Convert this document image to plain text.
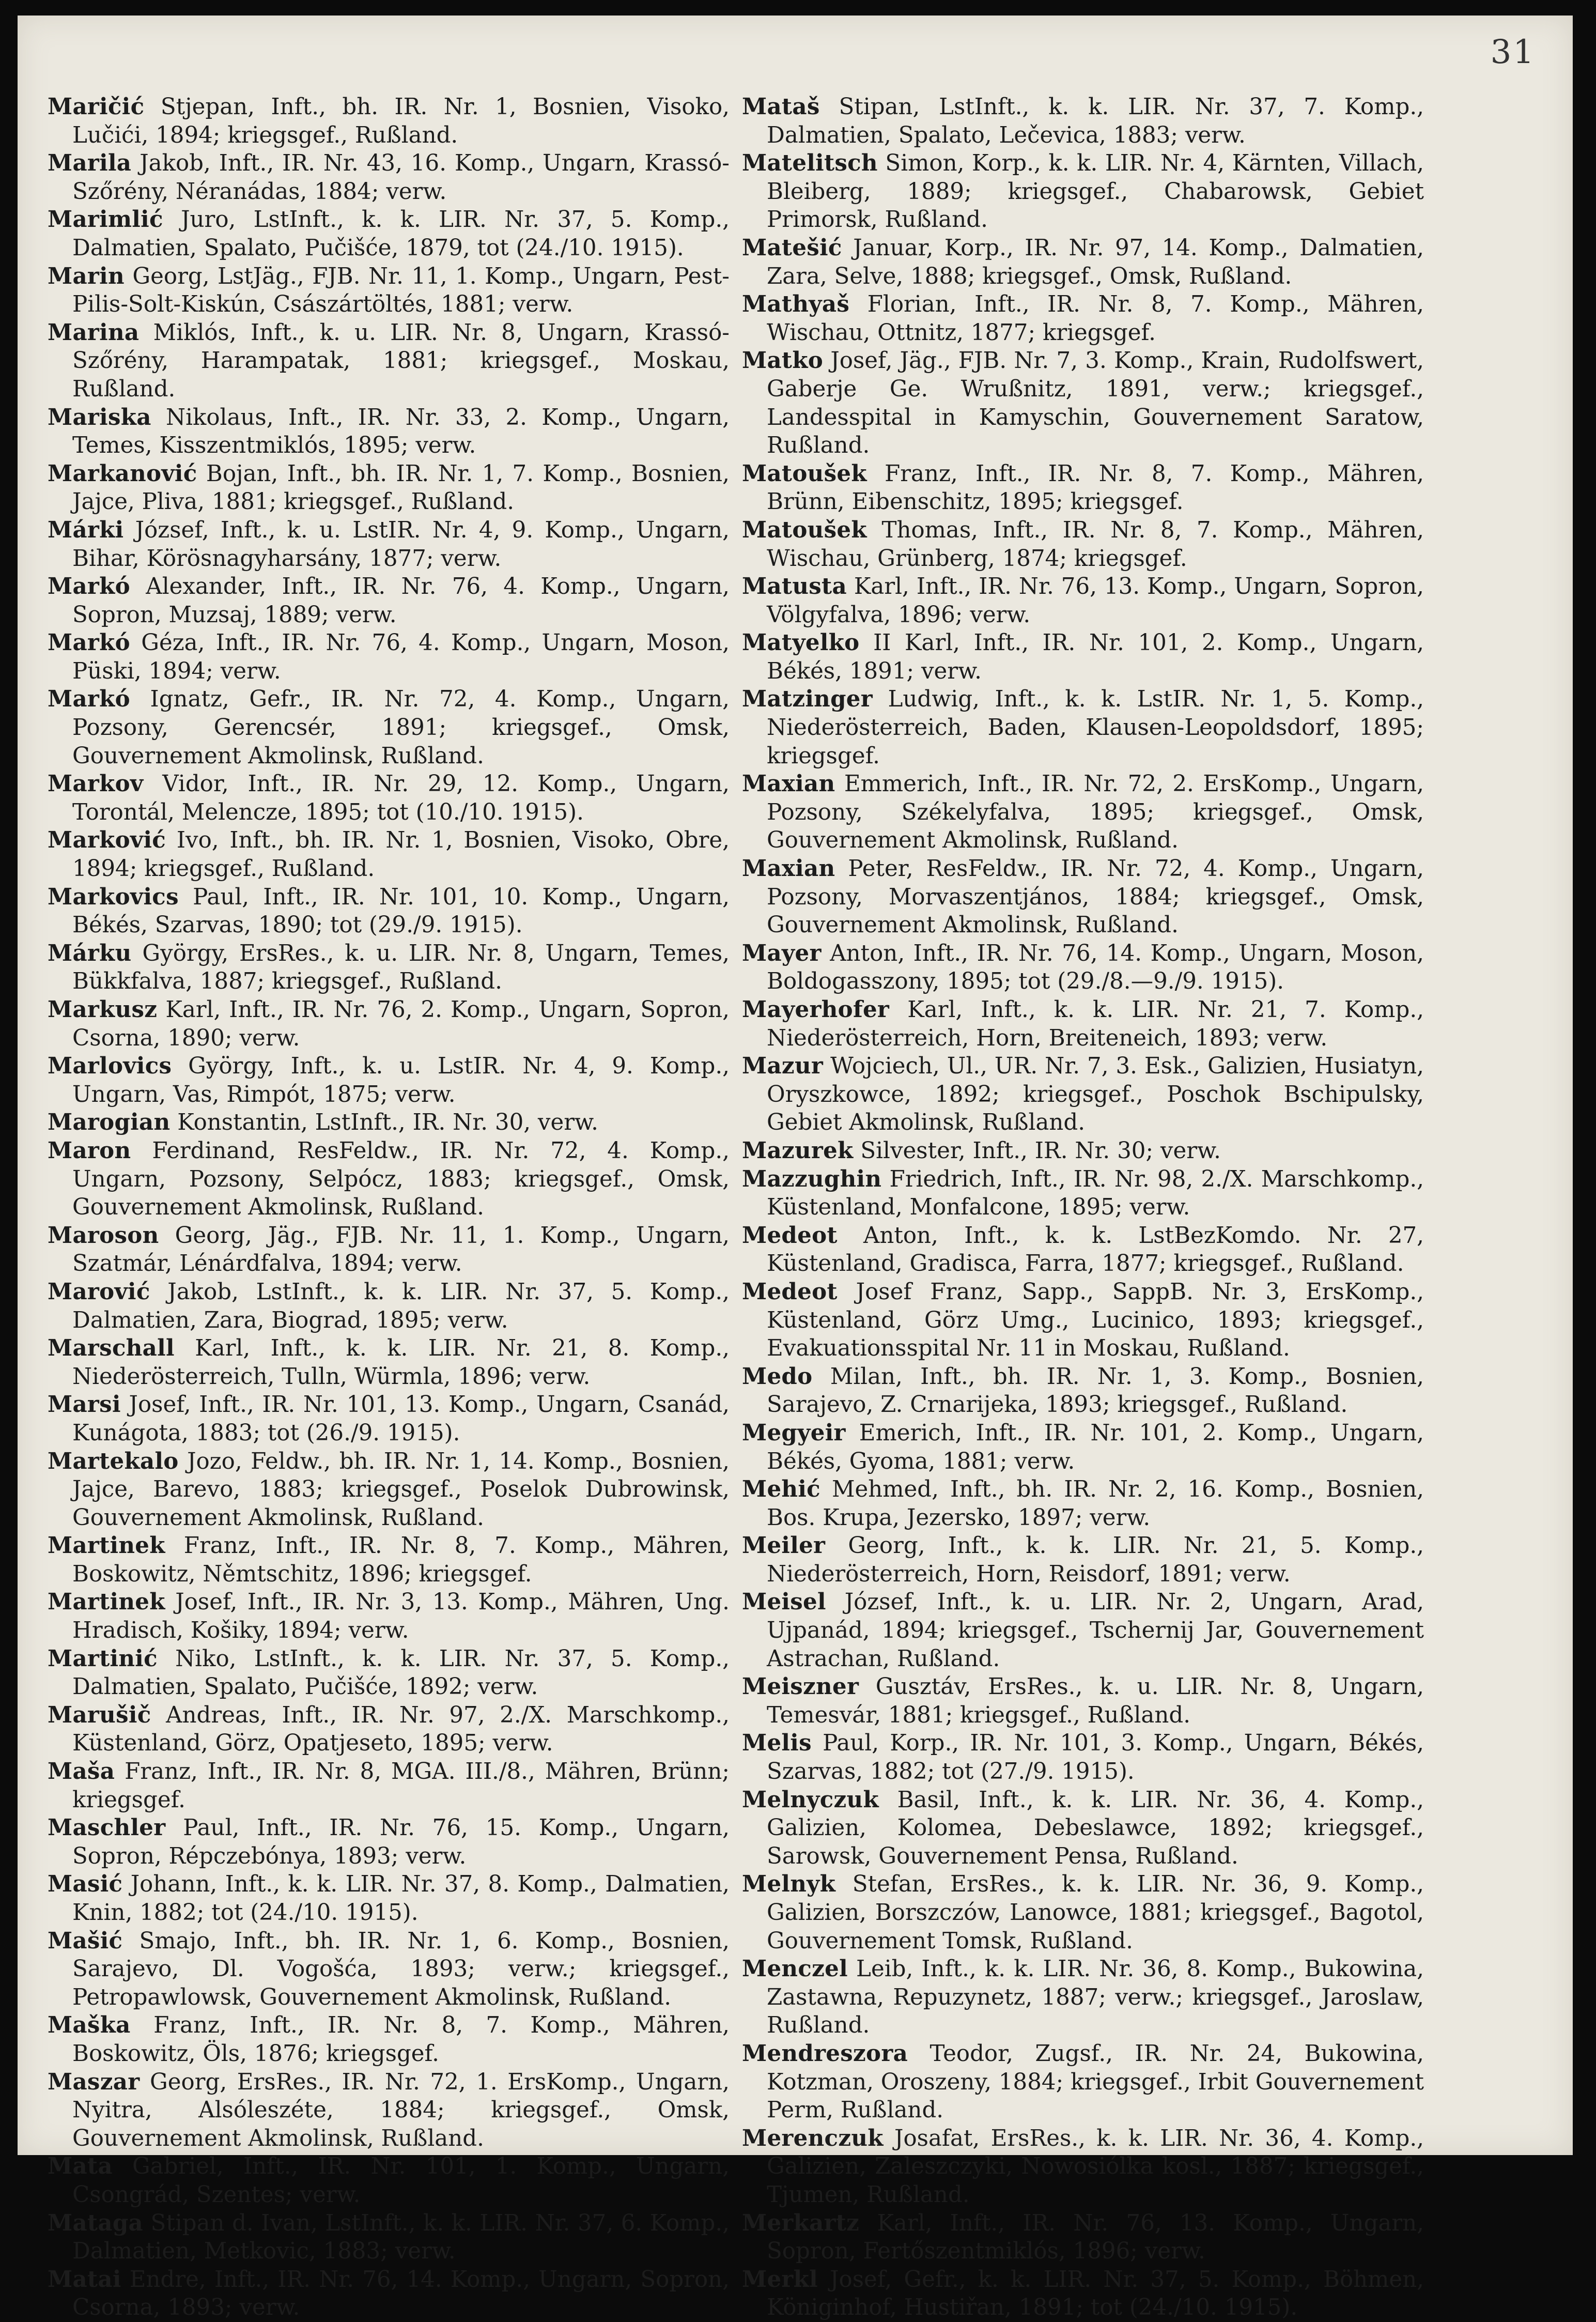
31

Maričić Stjepan, Inft., bh. IR. Nr. 1, Bosnien, Visoko, Lučići, 1894; kriegsgef., Rußland.

Marila Jakob, Inft., IR. Nr. 43, 16. Komp., Ungarn, Krassó-Szőrény, Néranádas, 1884; verw.

Marimlić Juro, LstInft., k. k. LIR. Nr. 37, 5. Komp., Dalmatien, Spalato, Pučišće, 1879, tot (24./10. 1915).

Marin Georg, LstJäg., FJB. Nr. 11, 1. Komp., Ungarn, Pest-Pilis-Solt-Kiskún, Császártöltés, 1881; verw.

Marina Miklós, Inft., k. u. LIR. Nr. 8, Ungarn, Krassó-Szőrény, Harampatak, 1881; kriegsgef., Moskau, Rußland.

Mariska Nikolaus, Inft., IR. Nr. 33, 2. Komp., Ungarn, Temes, Kisszentmiklós, 1895; verw.

Markanović Bojan, Inft., bh. IR. Nr. 1, 7. Komp., Bosnien, Jajce, Pliva, 1881; kriegsgef., Rußland.

Márki József, Inft., k. u. LstIR. Nr. 4, 9. Komp., Ungarn, Bihar, Körösnagyharsány, 1877; verw.

Markó Alexander, Inft., IR. Nr. 76, 4. Komp., Ungarn, Sopron, Muzsaj, 1889; verw.

Markó Géza, Inft., IR. Nr. 76, 4. Komp., Ungarn, Moson, Püski, 1894; verw.

Markó Ignatz, Gefr., IR. Nr. 72, 4. Komp., Ungarn, Pozsony, Gerencsér, 1891; kriegsgef., Omsk, Gouvernement Akmolinsk, Rußland.

Markov Vidor, Inft., IR. Nr. 29, 12. Komp., Ungarn, Torontál, Melencze, 1895; tot (10./10. 1915).

Marković Ivo, Inft., bh. IR. Nr. 1, Bosnien, Visoko, Obre, 1894; kriegsgef., Rußland.

Markovics Paul, Inft., IR. Nr. 101, 10. Komp., Ungarn, Békés, Szarvas, 1890; tot (29./9. 1915).

Márku György, ErsRes., k. u. LIR. Nr. 8, Ungarn, Temes, Bükkfalva, 1887; kriegsgef., Rußland.

Markusz Karl, Inft., IR. Nr. 76, 2. Komp., Ungarn, Sopron, Csorna, 1890; verw.

Marlovics György, Inft., k. u. LstIR. Nr. 4, 9. Komp., Ungarn, Vas, Rimpót, 1875; verw.

Marogian Konstantin, LstInft., IR. Nr. 30, verw.

Maron Ferdinand, ResFeldw., IR. Nr. 72, 4. Komp., Ungarn, Pozsony, Selpócz, 1883; kriegsgef., Omsk, Gouvernement Akmolinsk, Rußland.

Maroson Georg, Jäg., FJB. Nr. 11, 1. Komp., Ungarn, Szatmár, Lénárdfalva, 1894; verw.

Marović Jakob, LstInft., k. k. LIR. Nr. 37, 5. Komp., Dalmatien, Zara, Biograd, 1895; verw.

Marschall Karl, Inft., k. k. LIR. Nr. 21, 8. Komp., Niederösterreich, Tulln, Würmla, 1896; verw.

Marsi Josef, Inft., IR. Nr. 101, 13. Komp., Ungarn, Csanád, Kunágota, 1883; tot (26./9. 1915).

Martekalo Jozo, Feldw., bh. IR. Nr. 1, 14. Komp., Bosnien, Jajce, Barevo, 1883; kriegsgef., Poselok Dubrowinsk, Gouvernement Akmolinsk, Rußland.

Martinek Franz, Inft., IR. Nr. 8, 7. Komp., Mähren, Boskowitz, Němtschitz, 1896; kriegsgef.

Martinek Josef, Inft., IR. Nr. 3, 13. Komp., Mähren, Ung. Hradisch, Košiky, 1894; verw.

Martinić Niko, LstInft., k. k. LIR. Nr. 37, 5. Komp., Dalmatien, Spalato, Pučišće, 1892; verw.

Marušič Andreas, Inft., IR. Nr. 97, 2./X. Marschkomp., Küstenland, Görz, Opatjeseto, 1895; verw.

Maša Franz, Inft., IR. Nr. 8, MGA. III./8., Mähren, Brünn; kriegsgef.

Maschler Paul, Inft., IR. Nr. 76, 15. Komp., Ungarn, Sopron, Répczebónya, 1893; verw.

Masić Johann, Inft., k. k. LIR. Nr. 37, 8. Komp., Dalmatien, Knin, 1882; tot (24./10. 1915).

Mašić Smajo, Inft., bh. IR. Nr. 1, 6. Komp., Bosnien, Sarajevo, Dl. Vogošća, 1893; verw.; kriegsgef., Petropawlowsk, Gouvernement Akmolinsk, Rußland.

Maška Franz, Inft., IR. Nr. 8, 7. Komp., Mähren, Boskowitz, Öls, 1876; kriegsgef.

Maszar Georg, ErsRes., IR. Nr. 72, 1. ErsKomp., Ungarn, Nyitra, Alsóleszéte, 1884; kriegsgef., Omsk, Gouvernement Akmolinsk, Rußland.

Mata Gabriel, Inft., IR. Nr. 101, 1. Komp., Ungarn, Csongrád, Szentes; verw.

Mataga Stipan d. Ivan, LstInft., k. k. LIR. Nr. 37, 6. Komp., Dalmatien, Metkovic, 1883; verw.

Matai Endre, Inft., IR. Nr. 76, 14. Komp., Ungarn, Sopron, Csorna, 1893; verw.

Mataš Stipan, LstInft., k. k. LIR. Nr. 37, 7. Komp., Dalmatien, Spalato, Lečevica, 1883; verw.

Matelitsch Simon, Korp., k. k. LIR. Nr. 4, Kärnten, Villach, Bleiberg, 1889; kriegsgef., Chabarowsk, Gebiet Primorsk, Rußland.

Matešić Januar, Korp., IR. Nr. 97, 14. Komp., Dalmatien, Zara, Selve, 1888; kriegsgef., Omsk, Rußland.

Mathyaš Florian, Inft., IR. Nr. 8, 7. Komp., Mähren, Wischau, Ottnitz, 1877; kriegsgef.

Matko Josef, Jäg., FJB. Nr. 7, 3. Komp., Krain, Rudolfswert, Gaberje Ge. Wrußnitz, 1891, verw.; kriegsgef., Landesspital in Kamyschin, Gouvernement Saratow, Rußland.

Matoušek Franz, Inft., IR. Nr. 8, 7. Komp., Mähren, Brünn, Eibenschitz, 1895; kriegsgef.

Matoušek Thomas, Inft., IR. Nr. 8, 7. Komp., Mähren, Wischau, Grünberg, 1874; kriegsgef.

Matusta Karl, Inft., IR. Nr. 76, 13. Komp., Ungarn, Sopron, Völgyfalva, 1896; verw.

Matyelko II Karl, Inft., IR. Nr. 101, 2. Komp., Ungarn, Békés, 1891; verw.

Matzinger Ludwig, Inft., k. k. LstIR. Nr. 1, 5. Komp., Niederösterreich, Baden, Klausen-Leopoldsdorf, 1895; kriegsgef.

Maxian Emmerich, Inft., IR. Nr. 72, 2. ErsKomp., Ungarn, Pozsony, Székelyfalva, 1895; kriegsgef., Omsk, Gouvernement Akmolinsk, Rußland.

Maxian Peter, ResFeldw., IR. Nr. 72, 4. Komp., Ungarn, Pozsony, Morvaszentjános, 1884; kriegsgef., Omsk, Gouvernement Akmolinsk, Rußland.

Mayer Anton, Inft., IR. Nr. 76, 14. Komp., Ungarn, Moson, Boldogasszony, 1895; tot (29./8.—9./9. 1915).

Mayerhofer Karl, Inft., k. k. LIR. Nr. 21, 7. Komp., Niederösterreich, Horn, Breiteneich, 1893; verw.

Mazur Wojciech, Ul., UR. Nr. 7, 3. Esk., Galizien, Husiatyn, Oryszkowce, 1892; kriegsgef., Poschok Bschipulsky, Gebiet Akmolinsk, Rußland.

Mazurek Silvester, Inft., IR. Nr. 30; verw.

Mazzughin Friedrich, Inft., IR. Nr. 98, 2./X. Marschkomp., Küstenland, Monfalcone, 1895; verw.

Medeot Anton, Inft., k. k. LstBezKomdo. Nr. 27, Küstenland, Gradisca, Farra, 1877; kriegsgef., Rußland.

Medeot Josef Franz, Sapp., SappB. Nr. 3, ErsKomp., Küstenland, Görz Umg., Lucinico, 1893; kriegsgef., Evakuationsspital Nr. 11 in Moskau, Rußland.

Medo Milan, Inft., bh. IR. Nr. 1, 3. Komp., Bosnien, Sarajevo, Z. Crnarijeka, 1893; kriegsgef., Rußland.

Megyeir Emerich, Inft., IR. Nr. 101, 2. Komp., Ungarn, Békés, Gyoma, 1881; verw.

Mehić Mehmed, Inft., bh. IR. Nr. 2, 16. Komp., Bosnien, Bos. Krupa, Jezersko, 1897; verw.

Meiler Georg, Inft., k. k. LIR. Nr. 21, 5. Komp., Niederösterreich, Horn, Reisdorf, 1891; verw.

Meisel József, Inft., k. u. LIR. Nr. 2, Ungarn, Arad, Ujpanád, 1894; kriegsgef., Tschernij Jar, Gouvernement Astrachan, Rußland.

Meiszner Gusztáv, ErsRes., k. u. LIR. Nr. 8, Ungarn, Temesvár, 1881; kriegsgef., Rußland.

Melis Paul, Korp., IR. Nr. 101, 3. Komp., Ungarn, Békés, Szarvas, 1882; tot (27./9. 1915).

Melnyczuk Basil, Inft., k. k. LIR. Nr. 36, 4. Komp., Galizien, Kolomea, Debeslawce, 1892; kriegsgef., Sarowsk, Gouvernement Pensa, Rußland.

Melnyk Stefan, ErsRes., k. k. LIR. Nr. 36, 9. Komp., Galizien, Borszczów, Lanowce, 1881; kriegsgef., Bagotol, Gouvernement Tomsk, Rußland.

Menczel Leib, Inft., k. k. LIR. Nr. 36, 8. Komp., Bukowina, Zastawna, Repuzynetz, 1887; verw.; kriegsgef., Jaroslaw, Rußland.

Mendreszora Teodor, Zugsf., IR. Nr. 24, Bukowina, Kotzman, Oroszeny, 1884; kriegsgef., Irbit Gouvernement Perm, Rußland.

Merenczuk Josafat, ErsRes., k. k. LIR. Nr. 36, 4. Komp., Galizien, Zaleszczyki, Nowosiólka kosl., 1887; kriegsgef., Tjumen, Rußland.

Merkartz Karl, Inft., IR. Nr. 76, 13. Komp., Ungarn, Sopron, Fertőszentmiklós, 1896; verw.

Merkl Josef, Gefr., k. k. LIR. Nr. 37, 5. Komp., Böhmen, Königinhof, Hustiřan, 1891; tot (24./10. 1915).
